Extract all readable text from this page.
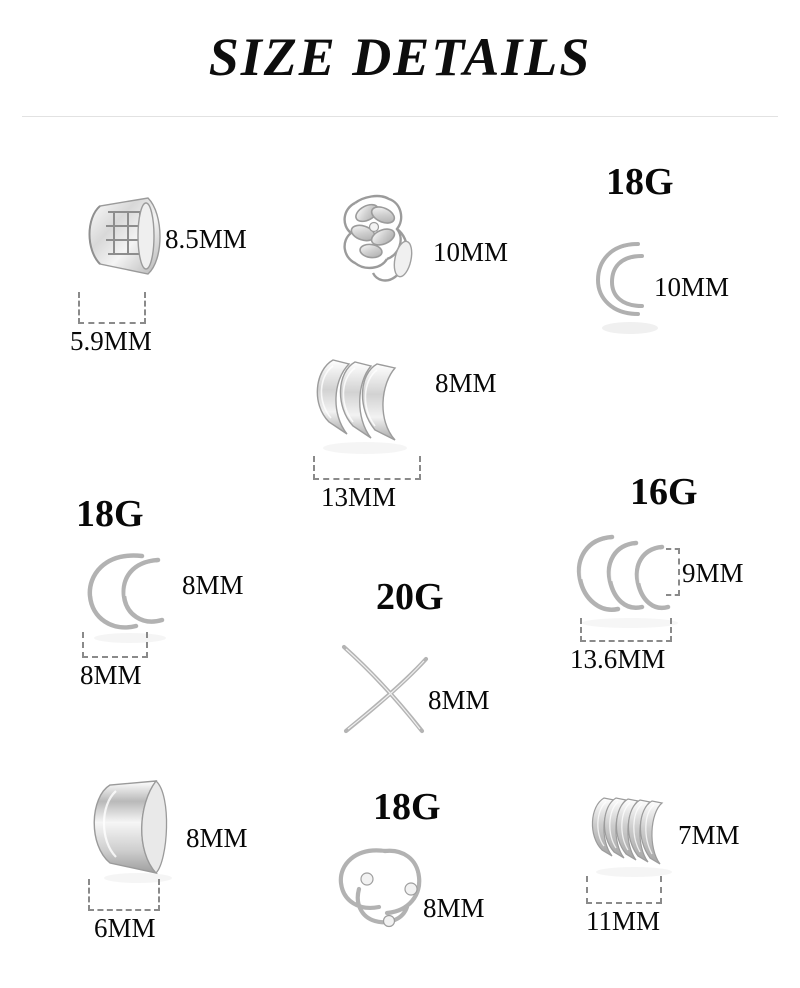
SIZE DETAILS
8.5MM
5.9MM
10MM
18G
10MM
8MM
13MM
18G
8MM
8MM
16G
9MM
13.6MM
20G
8MM
8MM
6MM
18G
8MM
7MM
11MM
